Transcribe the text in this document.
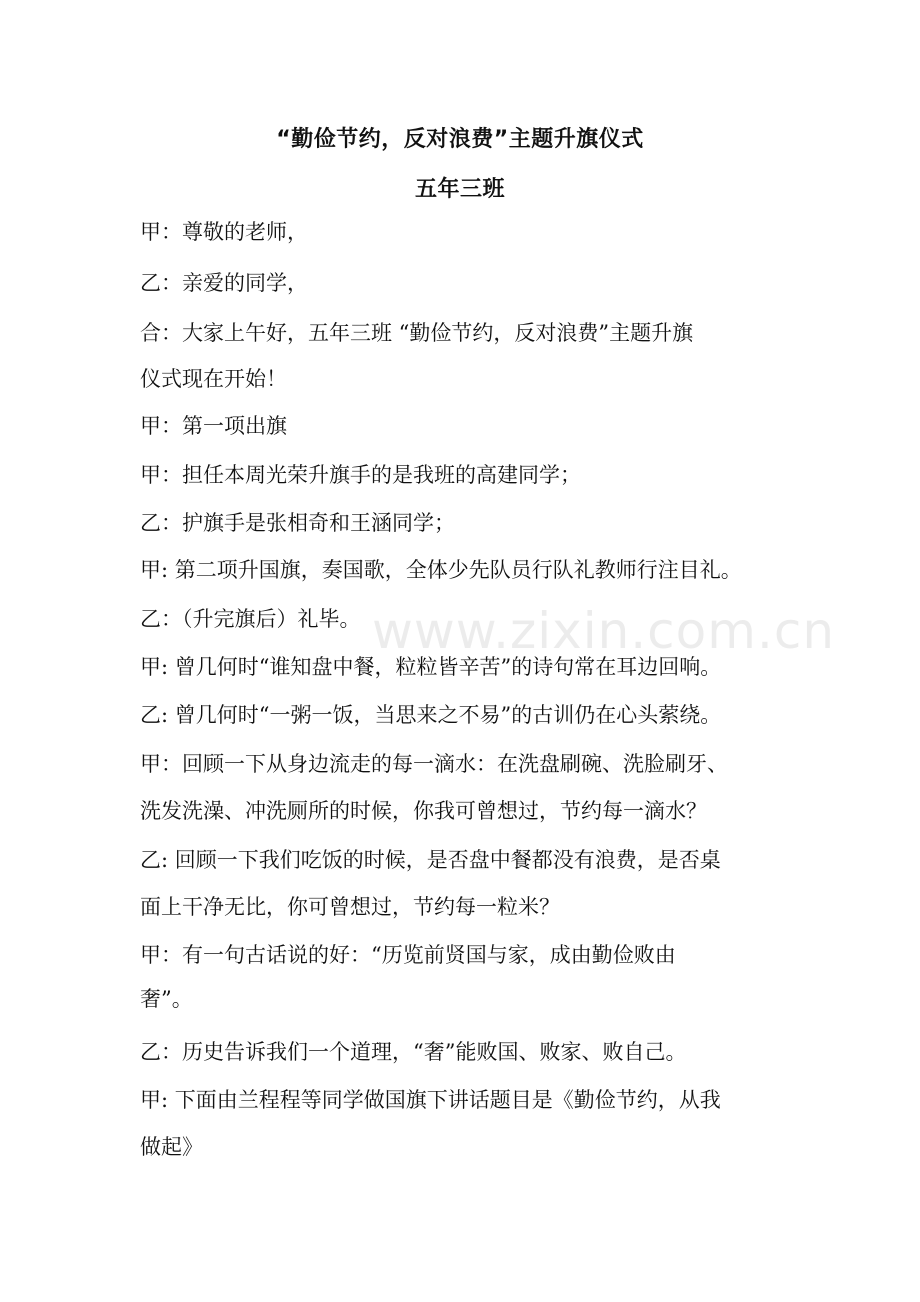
“勤俭节约，反对浪费”主题升旗仪式
五年三班

甲：尊敬的老师，

乙：亲爱的同学，

合：大家上午好，五年三班 “勤俭节约，反对浪费”主题升旗

仪式现在开始！

甲：第一项出旗

甲：担任本周光荣升旗手的是我班的高建同学；

乙：护旗手是张相奇和王涵同学；

甲: 第二项升国旗，奏国歌，全体少先队员行队礼教师行注目礼。

乙：（升完旗后）礼毕。

甲: 曾几何时“谁知盘中餐，粒粒皆辛苦”的诗句常在耳边回响。

乙: 曾几何时“一粥一饭，当思来之不易”的古训仍在心头萦绕。

甲：回顾一下从身边流走的每一滴水：在洗盘刷碗、洗脸刷牙、

洗发洗澡、冲洗厕所的时候，你我可曾想过，节约每一滴水？

乙: 回顾一下我们吃饭的时候，是否盘中餐都没有浪费，是否桌

面上干净无比，你可曾想过，节约每一粒米？

甲：有一句古话说的好：“历览前贤国与家，成由勤俭败由

奢”。

乙：历史告诉我们一个道理，“奢”能败国、败家、败自己。

甲: 下面由兰程程等同学做国旗下讲话题目是《勤俭节约，从我

做起》

www.zixin.com.cn
